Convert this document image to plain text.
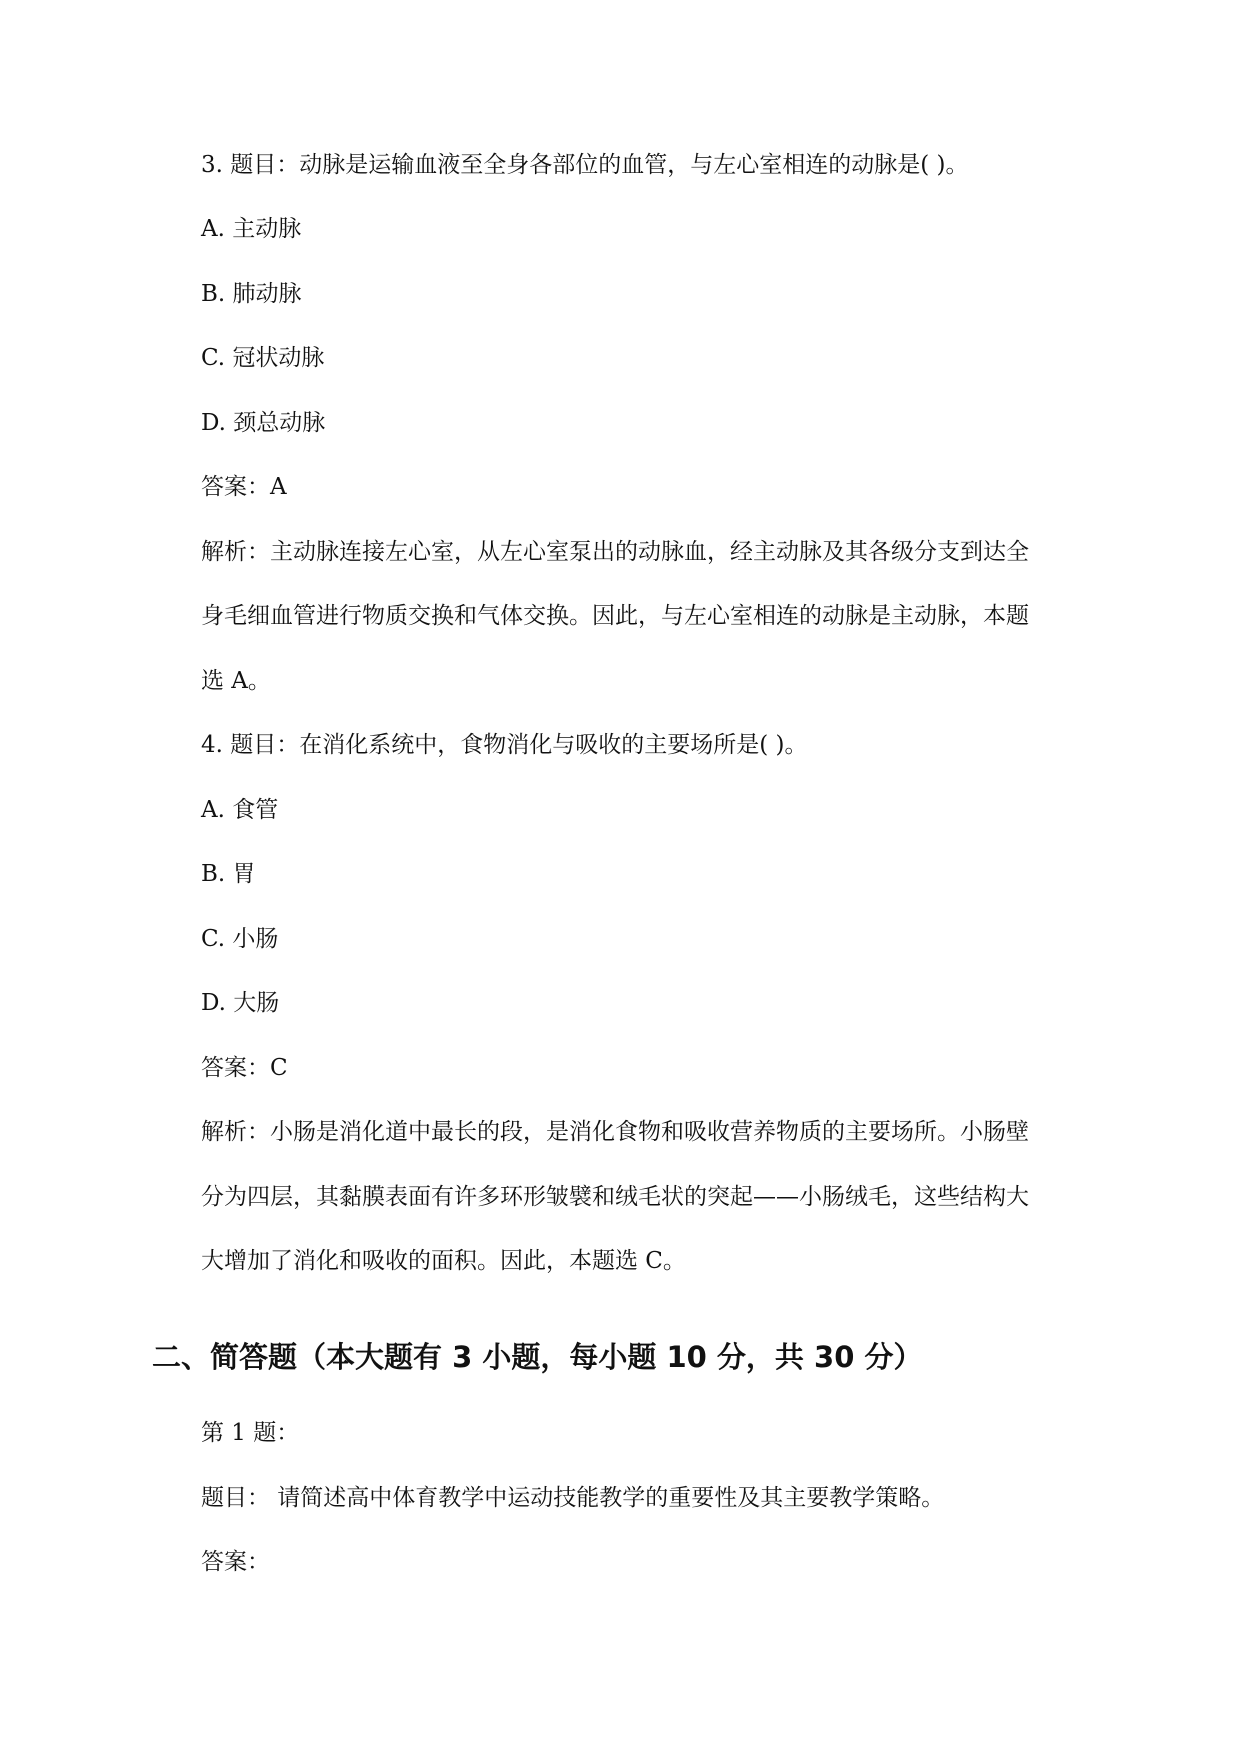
3. 题目：动脉是运输血液至全身各部位的血管，与左心室相连的动脉是( )。
A. 主动脉
B. 肺动脉
C. 冠状动脉
D. 颈总动脉
答案：A
解析：主动脉连接左心室，从左心室泵出的动脉血，经主动脉及其各级分支到达全
身毛细血管进行物质交换和气体交换。因此，与左心室相连的动脉是主动脉，本题
选 A。
4. 题目：在消化系统中，食物消化与吸收的主要场所是( )。
A. 食管
B. 胃
C. 小肠
D. 大肠
答案：C
解析：小肠是消化道中最长的段，是消化食物和吸收营养物质的主要场所。小肠壁
分为四层，其黏膜表面有许多环形皱襞和绒毛状的突起——小肠绒毛，这些结构大
大增加了消化和吸收的面积。因此，本题选 C。
二、简答题（本大题有 3 小题，每小题 10 分，共 30 分）
第 1 题：
题目： 请简述高中体育教学中运动技能教学的重要性及其主要教学策略。
答案：
